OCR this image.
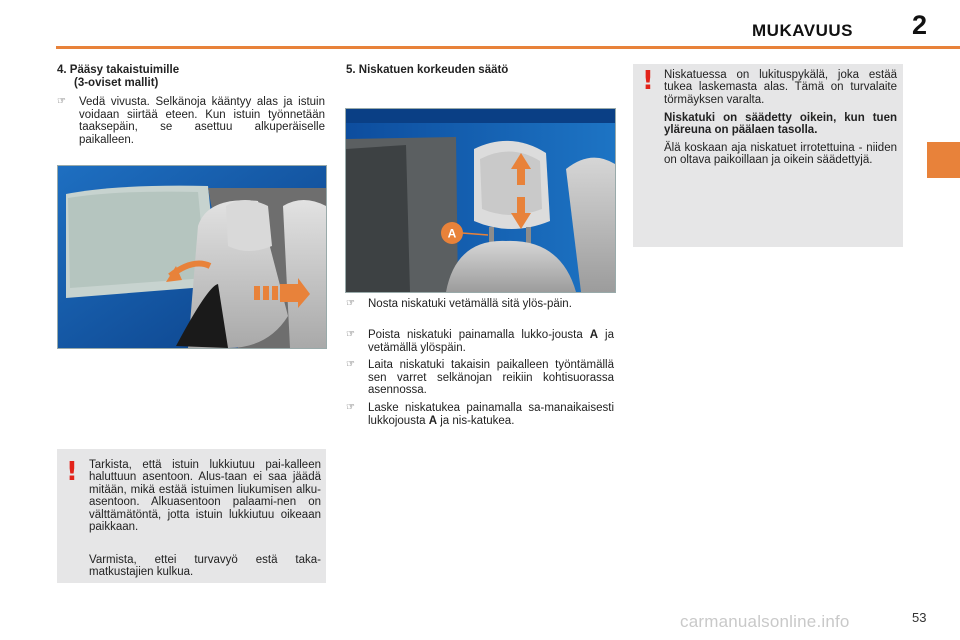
MUKAVUUS 2
4. Pääsy takaistuimille
(3-oviset mallit)
☞ Vedä vivusta. Selkänoja kääntyy alas ja istuin voidaan siirtää eteen. Kun istuin työnnetään taaksepäin, se asettuu alkuperäiselle paikalleen.
! Tarkista, että istuin lukkiutuu pai-kalleen haluttuun asentoon. Alus-taan ei saa jäädä mitään, mikä estää istuimen liukumisen alku-asentoon. Alkuasentoon palaami-nen on välttämätöntä, jotta istuin lukkiutuu oikeaan paikkaan.
Varmista, ettei turvavyö estä taka-matkustajien kulkua.
5. Niskatuen korkeuden säätö
A
☞ Nosta niskatuki vetämällä sitä ylös-päin.
☞ Poista niskatuki painamalla lukko-jousta A ja vetämällä ylöspäin.
☞ Laita niskatuki takaisin paikalleen työntämällä sen varret selkänojan reikiin kohtisuorassa asennossa.
☞ Laske niskatukea painamalla sa-manaikaisesti lukkojousta A ja nis-katukea.
! Niskatuessa on lukituspykälä, joka estää tukea laskemasta alas. Tämä on turvalaite törmäyksen varalta.
Niskatuki on säädetty oikein, kun tuen yläreuna on päälaen tasolla.
Älä koskaan aja niskatuet irrotettuina - niiden on oltava paikoillaan ja oikein säädettyjä.
carmanualsonline.info	53
